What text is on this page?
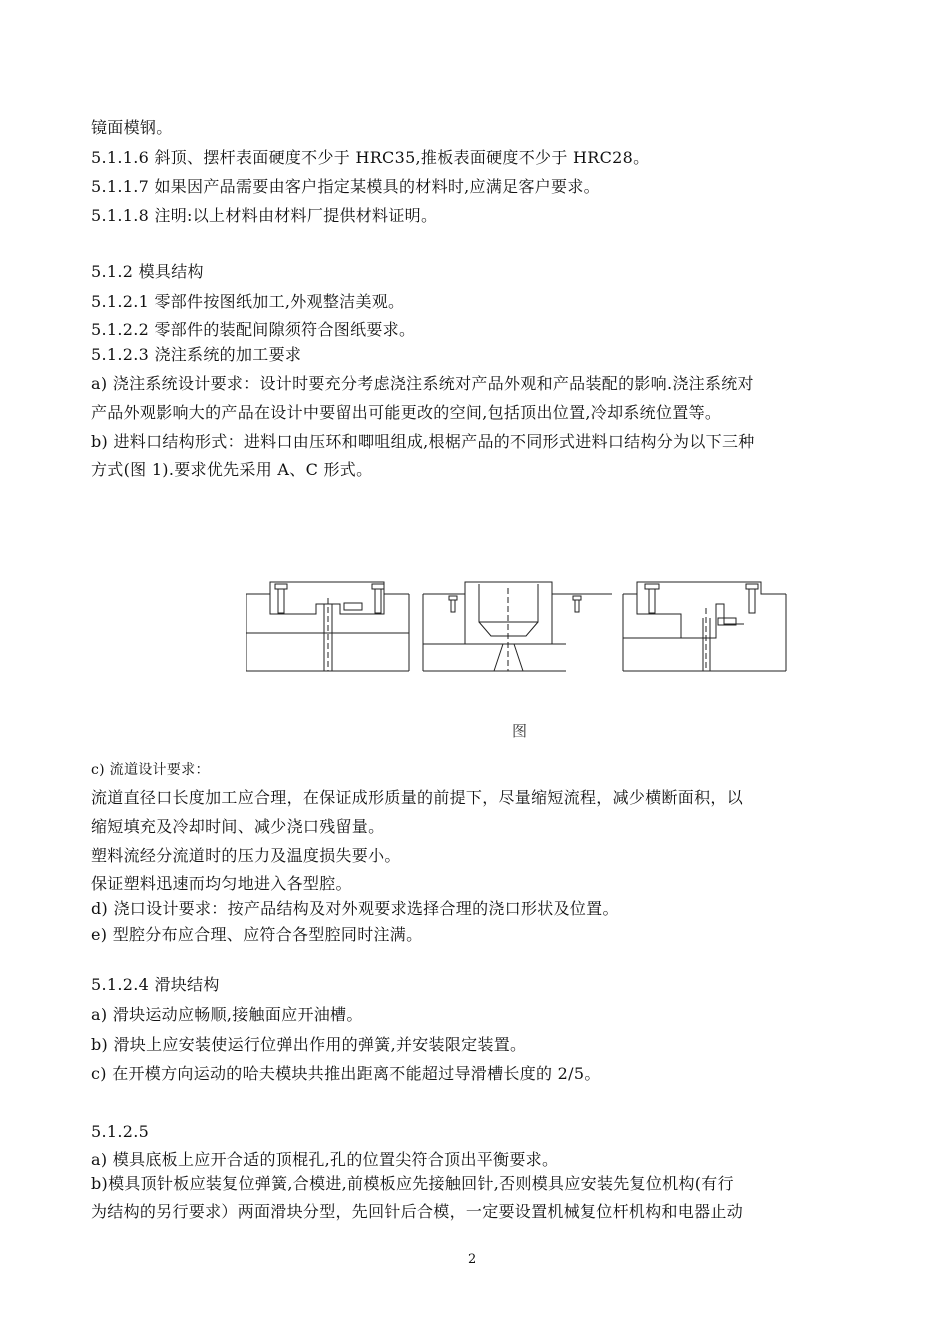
镜面模钢。
5.1.1.6 斜顶、摆杆表面硬度不少于 HRC35,推板表面硬度不少于 HRC28。
5.1.1.7 如果因产品需要由客户指定某模具的材料时,应满足客户要求。
5.1.1.8 注明:以上材料由材料厂提供材料证明。
5.1.2 模具结构
5.1.2.1 零部件按图纸加工,外观整洁美观。
5.1.2.2 零部件的装配间隙须符合图纸要求。
5.1.2.3 浇注系统的加工要求
a) 浇注系统设计要求：设计时要充分考虑浇注系统对产品外观和产品装配的影响.浇注系统对
产品外观影响大的产品在设计中要留出可能更改的空间,包括顶出位置,冷却系统位置等。
b) 进料口结构形式：进料口由压环和唧咀组成,根椐产品的不同形式进料口结构分为以下三种
方式(图 1).要求优先采用 A、C 形式。
图
c) 流道设计要求：
流道直径口长度加工应合理，在保证成形质量的前提下，尽量缩短流程，减少横断面积，以
缩短填充及冷却时间、减少浇口残留量。
塑料流经分流道时的压力及温度损失要小。
保证塑料迅速而均匀地进入各型腔。
d) 浇口设计要求：按产品结构及对外观要求选择合理的浇口形状及位置。
e) 型腔分布应合理、应符合各型腔同时注满。
5.1.2.4 滑块结构
a) 滑块运动应畅顺,接触面应开油槽。
b) 滑块上应安装使运行位弹出作用的弹簧,并安装限定装置。
c) 在开模方向运动的哈夫模块共推出距离不能超过导滑槽长度的 2/5。
5.1.2.5
a) 模具底板上应开合适的顶棍孔,孔的位置尖符合顶出平衡要求。
b)模具顶针板应装复位弹簧,合模进,前模板应先接触回针,否则模具应安装先复位机构(有行
为结构的另行要求）两面滑块分型，先回针后合模，一定要设置机械复位杆机构和电器止动
2
